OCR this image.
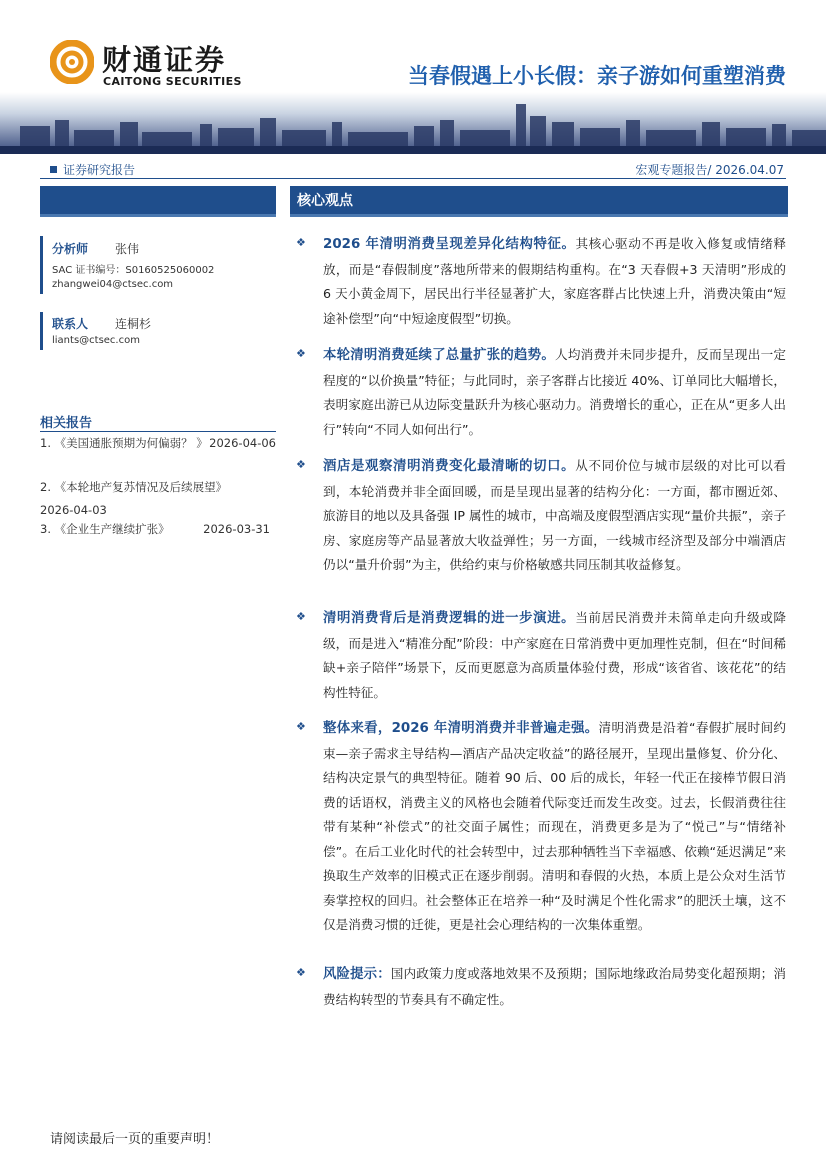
财通证券
CAITONG SECURITIES	当春假遇上小长假：亲子游如何重塑消费
证券研究报告	宏观专题报告/ 2026.04.07
分析师 张伟
SAC 证书编号：S0160525060002
zhangwei04@ctsec.com
联系人 连桐杉
liants@ctsec.com
相关报告
1. 《美国通胀预期为何偏弱？ 》 2026-04-06
2. 《本轮地产复苏情况及后续展望》
2026-04-03
3. 《企业生产继续扩张》	2026-03-31
核心观点
❖ 2026 年清明消费呈现差异化结构特征。其核心驱动不再是收入修复或情绪释放，而是“春假制度”落地所带来的假期结构重构。在“3 天春假+3 天清明”形成的 6 天小黄金周下，居民出行半径显著扩大，家庭客群占比快速上升，消费决策由“短途补偿型”向“中短途度假型”切换。
❖ 本轮清明消费延续了总量扩张的趋势。人均消费并未同步提升，反而呈现出一定程度的“以价换量”特征；与此同时，亲子客群占比接近 40%、订单同比大幅增长，表明家庭出游已从边际变量跃升为核心驱动力。消费增长的重心，正在从“更多人出行”转向“不同人如何出行”。
❖ 酒店是观察清明消费变化最清晰的切口。从不同价位与城市层级的对比可以看到，本轮消费并非全面回暖，而是呈现出显著的结构分化：一方面，都市圈近郊、旅游目的地以及具备强 IP 属性的城市，中高端及度假型酒店实现“量价共振”，亲子房、家庭房等产品显著放大收益弹性；另一方面，一线城市经济型及部分中端酒店仍以“量升价弱”为主，供给约束与价格敏感共同压制其收益修复。
❖ 清明消费背后是消费逻辑的进一步演进。当前居民消费并未简单走向升级或降级，而是进入“精准分配”阶段：中产家庭在日常消费中更加理性克制，但在“时间稀缺+亲子陪伴”场景下，反而更愿意为高质量体验付费，形成“该省省、该花花”的结构性特征。
❖ 整体来看，2026 年清明消费并非普遍走强。清明消费是沿着“春假扩展时间约束—亲子需求主导结构—酒店产品决定收益”的路径展开，呈现出量修复、价分化、结构决定景气的典型特征。随着 90 后、00 后的成长，年轻一代正在接棒节假日消费的话语权，消费主义的风格也会随着代际变迁而发生改变。过去，长假消费往往带有某种“补偿式”的社交面子属性；而现在，消费更多是为了“悦己”与“情绪补偿”。在后工业化时代的社会转型中，过去那种牺牲当下幸福感、依赖“延迟满足”来换取生产效率的旧模式正在逐步削弱。清明和春假的火热，本质上是公众对生活节奏掌控权的回归。社会整体正在培养一种“及时满足个性化需求”的肥沃土壤，这不仅是消费习惯的迁徙，更是社会心理结构的一次集体重塑。
❖ 风险提示：国内政策力度或落地效果不及预期；国际地缘政治局势变化超预期；消费结构转型的节奏具有不确定性。
请阅读最后一页的重要声明！
